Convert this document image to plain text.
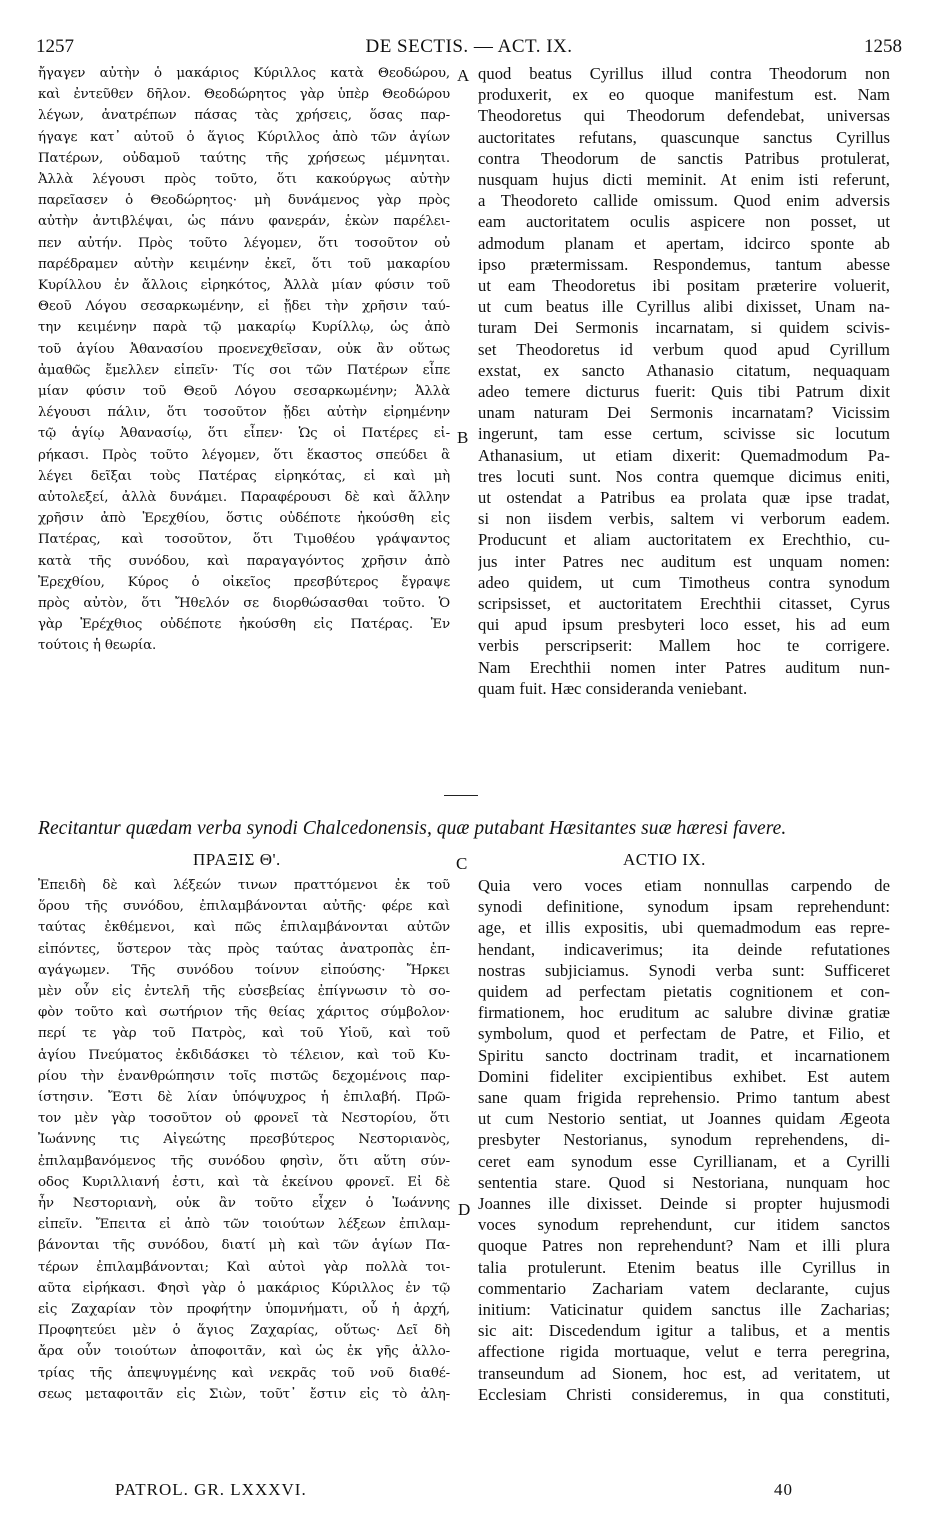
1257	DE SECTIS. — ACT. IX.	1258
ἤγαγεν αὐτὴν ὁ μακάριος Κύριλλος κατὰ Θεοδώρου,
καὶ ἐντεῦθεν δῆλον. Θεοδώρητος γὰρ ὑπὲρ Θεοδώρου
λέγων, ἀνατρέπων πάσας τὰς χρήσεις, ὅσας παρ-
ήγαγε κατ᾽ αὐτοῦ ὁ ἅγιος Κύριλλος ἀπὸ τῶν ἁγίων
Πατέρων, οὐδαμοῦ ταύτης τῆς χρήσεως μέμνηται.
Ἀλλὰ λέγουσι πρὸς τοῦτο, ὅτι κακούργως αὐτὴν
παρεῖασεν ὁ Θεοδώρητος· μὴ δυνάμενος γὰρ πρὸς
αὐτὴν ἀντιβλέψαι, ὡς πάνυ φανεράν, ἑκὼν παρέλει-
πεν αὐτήν. Πρὸς τοῦτο λέγομεν, ὅτι τοσοῦτον οὐ
παρέδραμεν αὐτὴν κειμένην ἐκεῖ, ὅτι τοῦ μακαρίου
Κυρίλλου ἐν ἄλλοις εἰρηκότος, Ἀλλὰ μίαν φύσιν τοῦ
Θεοῦ Λόγου σεσαρκωμένην, εἰ ᾔδει τὴν χρῆσιν ταύ-
την κειμένην παρὰ τῷ μακαρίῳ Κυρίλλῳ, ὡς ἀπὸ
τοῦ ἁγίου Ἀθανασίου προενεχθεῖσαν, οὐκ ἂν οὕτως
ἀμαθῶς ἔμελλεν εἰπεῖν· Τίς σοι τῶν Πατέρων εἶπε
μίαν φύσιν τοῦ Θεοῦ Λόγου σεσαρκωμένην; Ἀλλὰ
λέγουσι πάλιν, ὅτι τοσοῦτον ᾔδει αὐτὴν εἰρημένην
τῷ ἁγίῳ Ἀθανασίῳ, ὅτι εἶπεν· Ὡς οἱ Πατέρες εἰ-
ρήκασι. Πρὸς τοῦτο λέγομεν, ὅτι ἕκαστος σπεύδει ἃ
λέγει δεῖξαι τοὺς Πατέρας εἰρηκότας, εἰ καὶ μὴ
αὐτολεξεί, ἀλλὰ δυνάμει. Παραφέρουσι δὲ καὶ ἄλλην
χρῆσιν ἀπὸ Ἐρεχθίου, ὅστις οὐδέποτε ἠκούσθη εἰς
Πατέρας, καὶ τοσοῦτον, ὅτι Τιμοθέου γράψαντος
κατὰ τῆς συνόδου, καὶ παραγαγόντος χρῆσιν ἀπὸ
Ἐρεχθίου, Κύρος ὁ οἰκεῖος πρεσβύτερος ἔγραψε
πρὸς αὐτὸν, ὅτι Ἤθελόν σε διορθώσασθαι τοῦτο. Ὁ
γὰρ Ἐρέχθιος οὐδέποτε ἠκούσθη εἰς Πατέρας. Ἐν
τούτοις ἡ θεωρία.
quod beatus Cyrillus illud contra Theodorum non
produxerit, ex eo quoque manifestum est. Nam
Theodoretus qui Theodorum defendebat, universas
auctoritates refutans, quascunque sanctus Cyrillus
contra Theodorum de sanctis Patribus protulerat,
nusquam hujus dicti meminit. At enim isti referunt,
a Theodoreto callide omissum. Quod enim adversis
eam auctoritatem oculis aspicere non posset, ut
admodum planam et apertam, idcirco sponte ab
ipso prætermissam. Respondemus, tantum abesse
ut eam Theodoretus ibi positam præterire voluerit,
ut cum beatus ille Cyrillus alibi dixisset, Unam na-
turam Dei Sermonis incarnatam, si quidem scivis-
set Theodoretus id verbum quod apud Cyrillum
exstat, ex sancto Athanasio citatum, nequaquam
adeo temere dicturus fuerit: Quis tibi Patrum dixit
unam naturam Dei Sermonis incarnatam? Vicissim
ingerunt, tam esse certum, scivisse sic locutum
Athanasium, ut etiam dixerit: Quemadmodum Pa-
tres locuti sunt. Nos contra quemque dicimus eniti,
ut ostendat a Patribus ea prolata quæ ipse tradat,
si non iisdem verbis, saltem vi verborum eadem.
Producunt et aliam auctoritatem ex Erechthio, cu-
jus inter Patres nec auditum est unquam nomen:
adeo quidem, ut cum Timotheus contra synodum
scripsisset, et auctoritatem Erechthii citasset, Cyrus
qui apud ipsum presbyteri loco esset, his ad eum
verbis perscripserit: Mallem hoc te corrigere.
Nam Erechthii nomen inter Patres auditum nun-
quam fuit. Hæc consideranda veniebant.
A
B
C
D
Recitantur quædam verba synodi Chalcedonensis, quæ putabant Hæsitantes suæ hæresi favere.
ΠΡΑΞΙΣ Θ'.	ACTIO IX.
Ἐπειδὴ δὲ καὶ λέξεών τινων πραττόμενοι ἐκ τοῦ
ὅρου τῆς συνόδου, ἐπιλαμβάνονται αὐτῆς· φέρε καὶ
ταύτας ἐκθέμενοι, καὶ πῶς ἐπιλαμβάνονται αὐτῶν
εἰπόντες, ὕστερον τὰς πρὸς ταύτας ἀνατροπὰς ἐπ-
αγάγωμεν. Τῆς συνόδου τοίνυν εἰπούσης· Ἤρκει
μὲν οὖν εἰς ἐντελῆ τῆς εὐσεβείας ἐπίγνωσιν τὸ σο-
φὸν τοῦτο καὶ σωτήριον τῆς θείας χάριτος σύμβολον·
περί τε γὰρ τοῦ Πατρὸς, καὶ τοῦ Υἱοῦ, καὶ τοῦ
ἁγίου Πνεύματος ἐκδιδάσκει τὸ τέλειον, καὶ τοῦ Κυ-
ρίου τὴν ἐνανθρώπησιν τοῖς πιστῶς δεχομένοις παρ-
ίστησιν. Ἔστι δὲ λίαν ὑπόψυχρος ἡ ἐπιλαβή. Πρῶ-
τον μὲν γὰρ τοσοῦτον οὐ φρονεῖ τὰ Νεστορίου, ὅτι
Ἰωάννης τις Αἰγεώτης πρεσβύτερος Νεστοριανὸς,
ἐπιλαμβανόμενος τῆς συνόδου φησὶν, ὅτι αὕτη σύν-
οδος Κυριλλιανή ἐστι, καὶ τὰ ἐκείνου φρονεῖ. Εἰ δὲ
ἦν Νεστοριανὴ, οὐκ ἂν τοῦτο εἶχεν ὁ Ἰωάννης
εἰπεῖν. Ἔπειτα εἰ ἀπὸ τῶν τοιούτων λέξεων ἐπιλαμ-
βάνονται τῆς συνόδου, διατί μὴ καὶ τῶν ἁγίων Πα-
τέρων ἐπιλαμβάνονται; Καὶ αὐτοὶ γὰρ πολλὰ τοι-
αῦτα εἰρήκασι. Φησὶ γὰρ ὁ μακάριος Κύριλλος ἐν τῷ
εἰς Ζαχαρίαν τὸν προφήτην ὑπομνήματι, οὗ ἡ ἀρχή,
Προφητεύει μὲν ὁ ἅγιος Ζαχαρίας, οὕτως· Δεῖ δὴ
ἄρα οὖν τοιούτων ἀποφοιτᾶν, καὶ ὡς ἐκ γῆς ἀλλο-
τρίας τῆς ἀπεψυγμένης καὶ νεκρᾶς τοῦ νοῦ διαθέ-
σεως μεταφοιτᾶν εἰς Σιὼν, τοῦτ᾽ ἔστιν εἰς τὸ ἀλη-
Quia vero voces etiam nonnullas carpendo de
synodi definitione, synodum ipsam reprehendunt:
age, et illis expositis, ubi quemadmodum eas repre-
hendant, indicaverimus; ita deinde refutationes
nostras subjiciamus. Synodi verba sunt: Sufficeret
quidem ad perfectam pietatis cognitionem et con-
firmationem, hoc eruditum ac salubre divinæ gratiæ
symbolum, quod et perfectam de Patre, et Filio, et
Spiritu sancto doctrinam tradit, et incarnationem
Domini fideliter excipientibus exhibet. Est autem
sane quam frigida reprehensio. Primo tantum abest
ut cum Nestorio sentiat, ut Joannes quidam Ægeota
presbyter Nestorianus, synodum reprehendens, di-
ceret eam synodum esse Cyrillianam, et a Cyrilli
sententia stare. Quod si Nestoriana, nunquam hoc
Joannes ille dixisset. Deinde si propter hujusmodi
voces synodum reprehendunt, cur itidem sanctos
quoque Patres non reprehendunt? Nam et illi plura
talia protulerunt. Etenim beatus ille Cyrillus in
commentario Zachariam vatem declarante, cujus
initium: Vaticinatur quidem sanctus ille Zacharias;
sic ait: Discedendum igitur a talibus, et a mentis
affectione rigida mortuaque, velut e terra peregrina,
transeundum ad Sionem, hoc est, ad veritatem, ut
Ecclesiam Christi consideremus, in qua constituti,
PATROL. GR. LXXXVI.	40
